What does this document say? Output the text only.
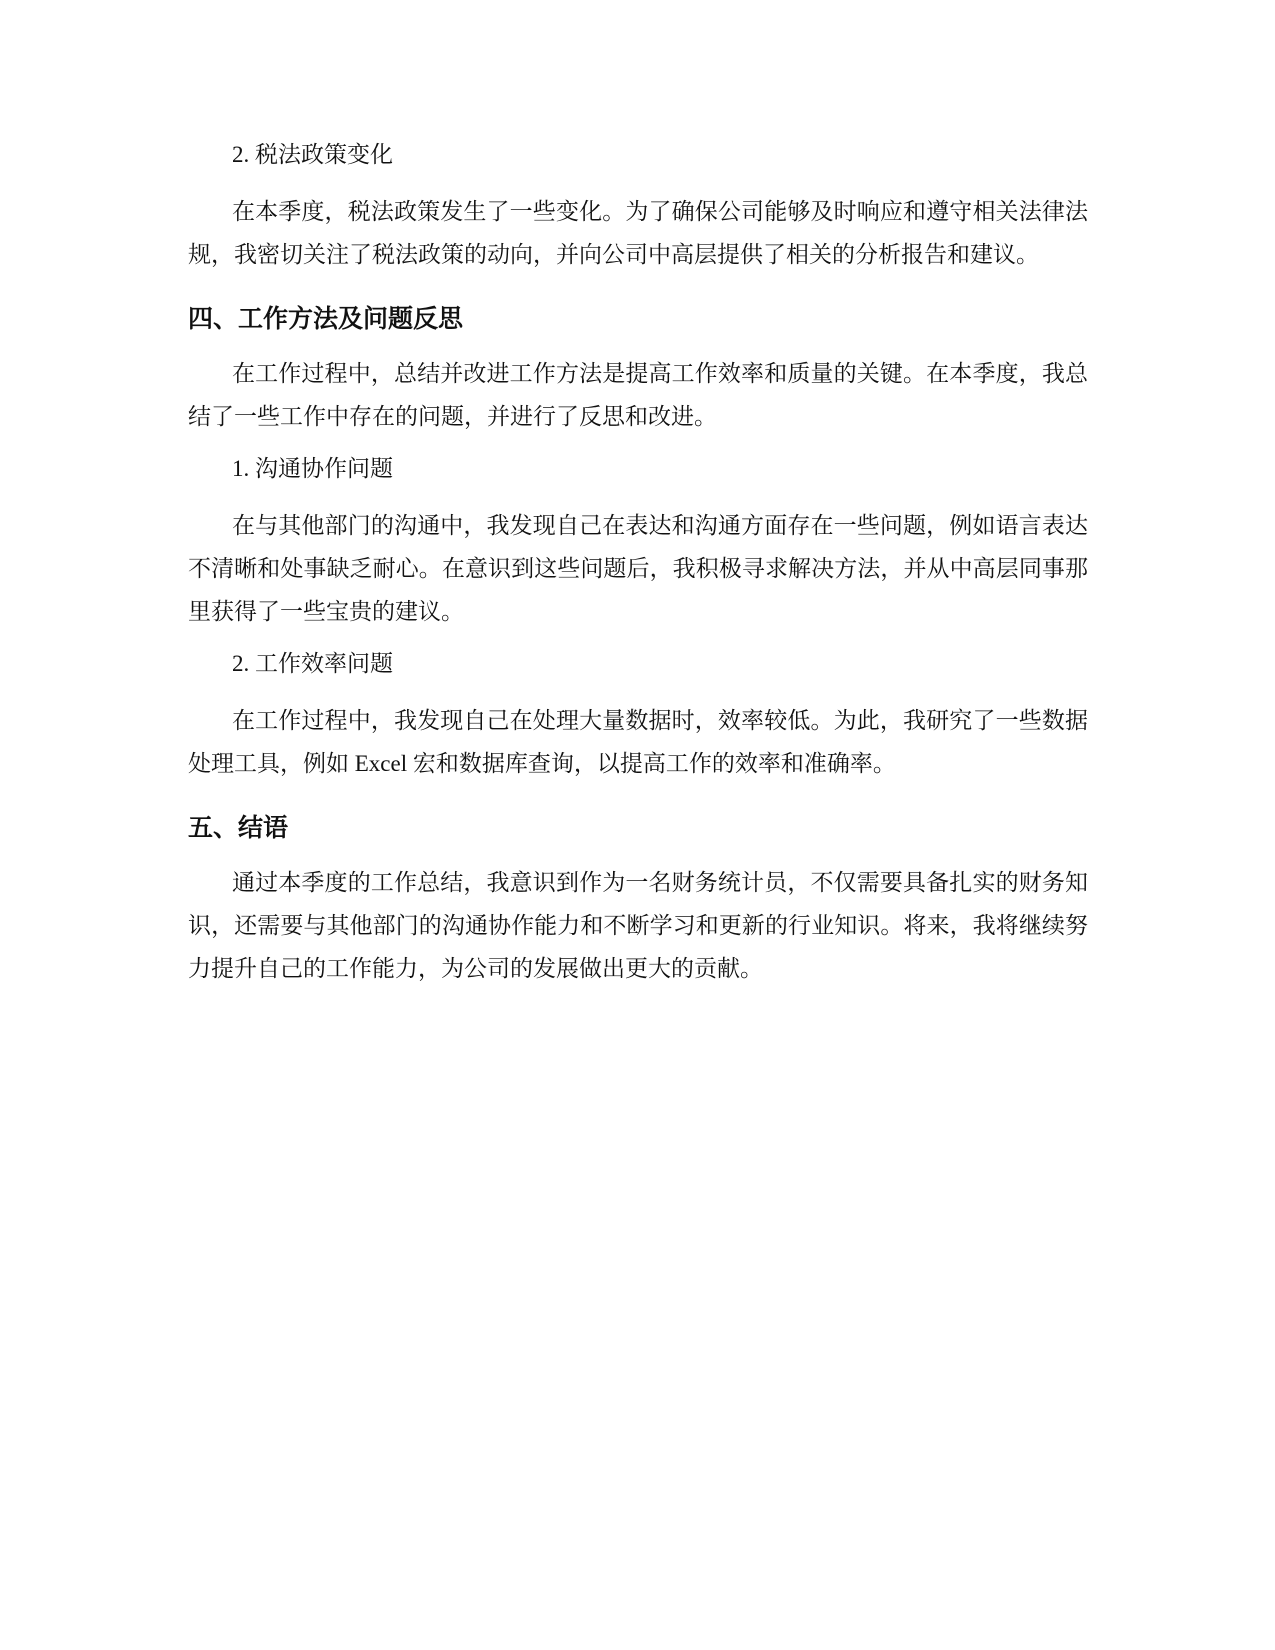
2. 税法政策变化

在本季度，税法政策发生了一些变化。为了确保公司能够及时响应和遵守相关法律法规，我密切关注了税法政策的动向，并向公司中高层提供了相关的分析报告和建议。

四、工作方法及问题反思

在工作过程中，总结并改进工作方法是提高工作效率和质量的关键。在本季度，我总结了一些工作中存在的问题，并进行了反思和改进。

1. 沟通协作问题

在与其他部门的沟通中，我发现自己在表达和沟通方面存在一些问题，例如语言表达不清晰和处事缺乏耐心。在意识到这些问题后，我积极寻求解决方法，并从中高层同事那里获得了一些宝贵的建议。

2. 工作效率问题

在工作过程中，我发现自己在处理大量数据时，效率较低。为此，我研究了一些数据处理工具，例如 Excel 宏和数据库查询，以提高工作的效率和准确率。

五、结语

通过本季度的工作总结，我意识到作为一名财务统计员，不仅需要具备扎实的财务知识，还需要与其他部门的沟通协作能力和不断学习和更新的行业知识。将来，我将继续努力提升自己的工作能力，为公司的发展做出更大的贡献。
